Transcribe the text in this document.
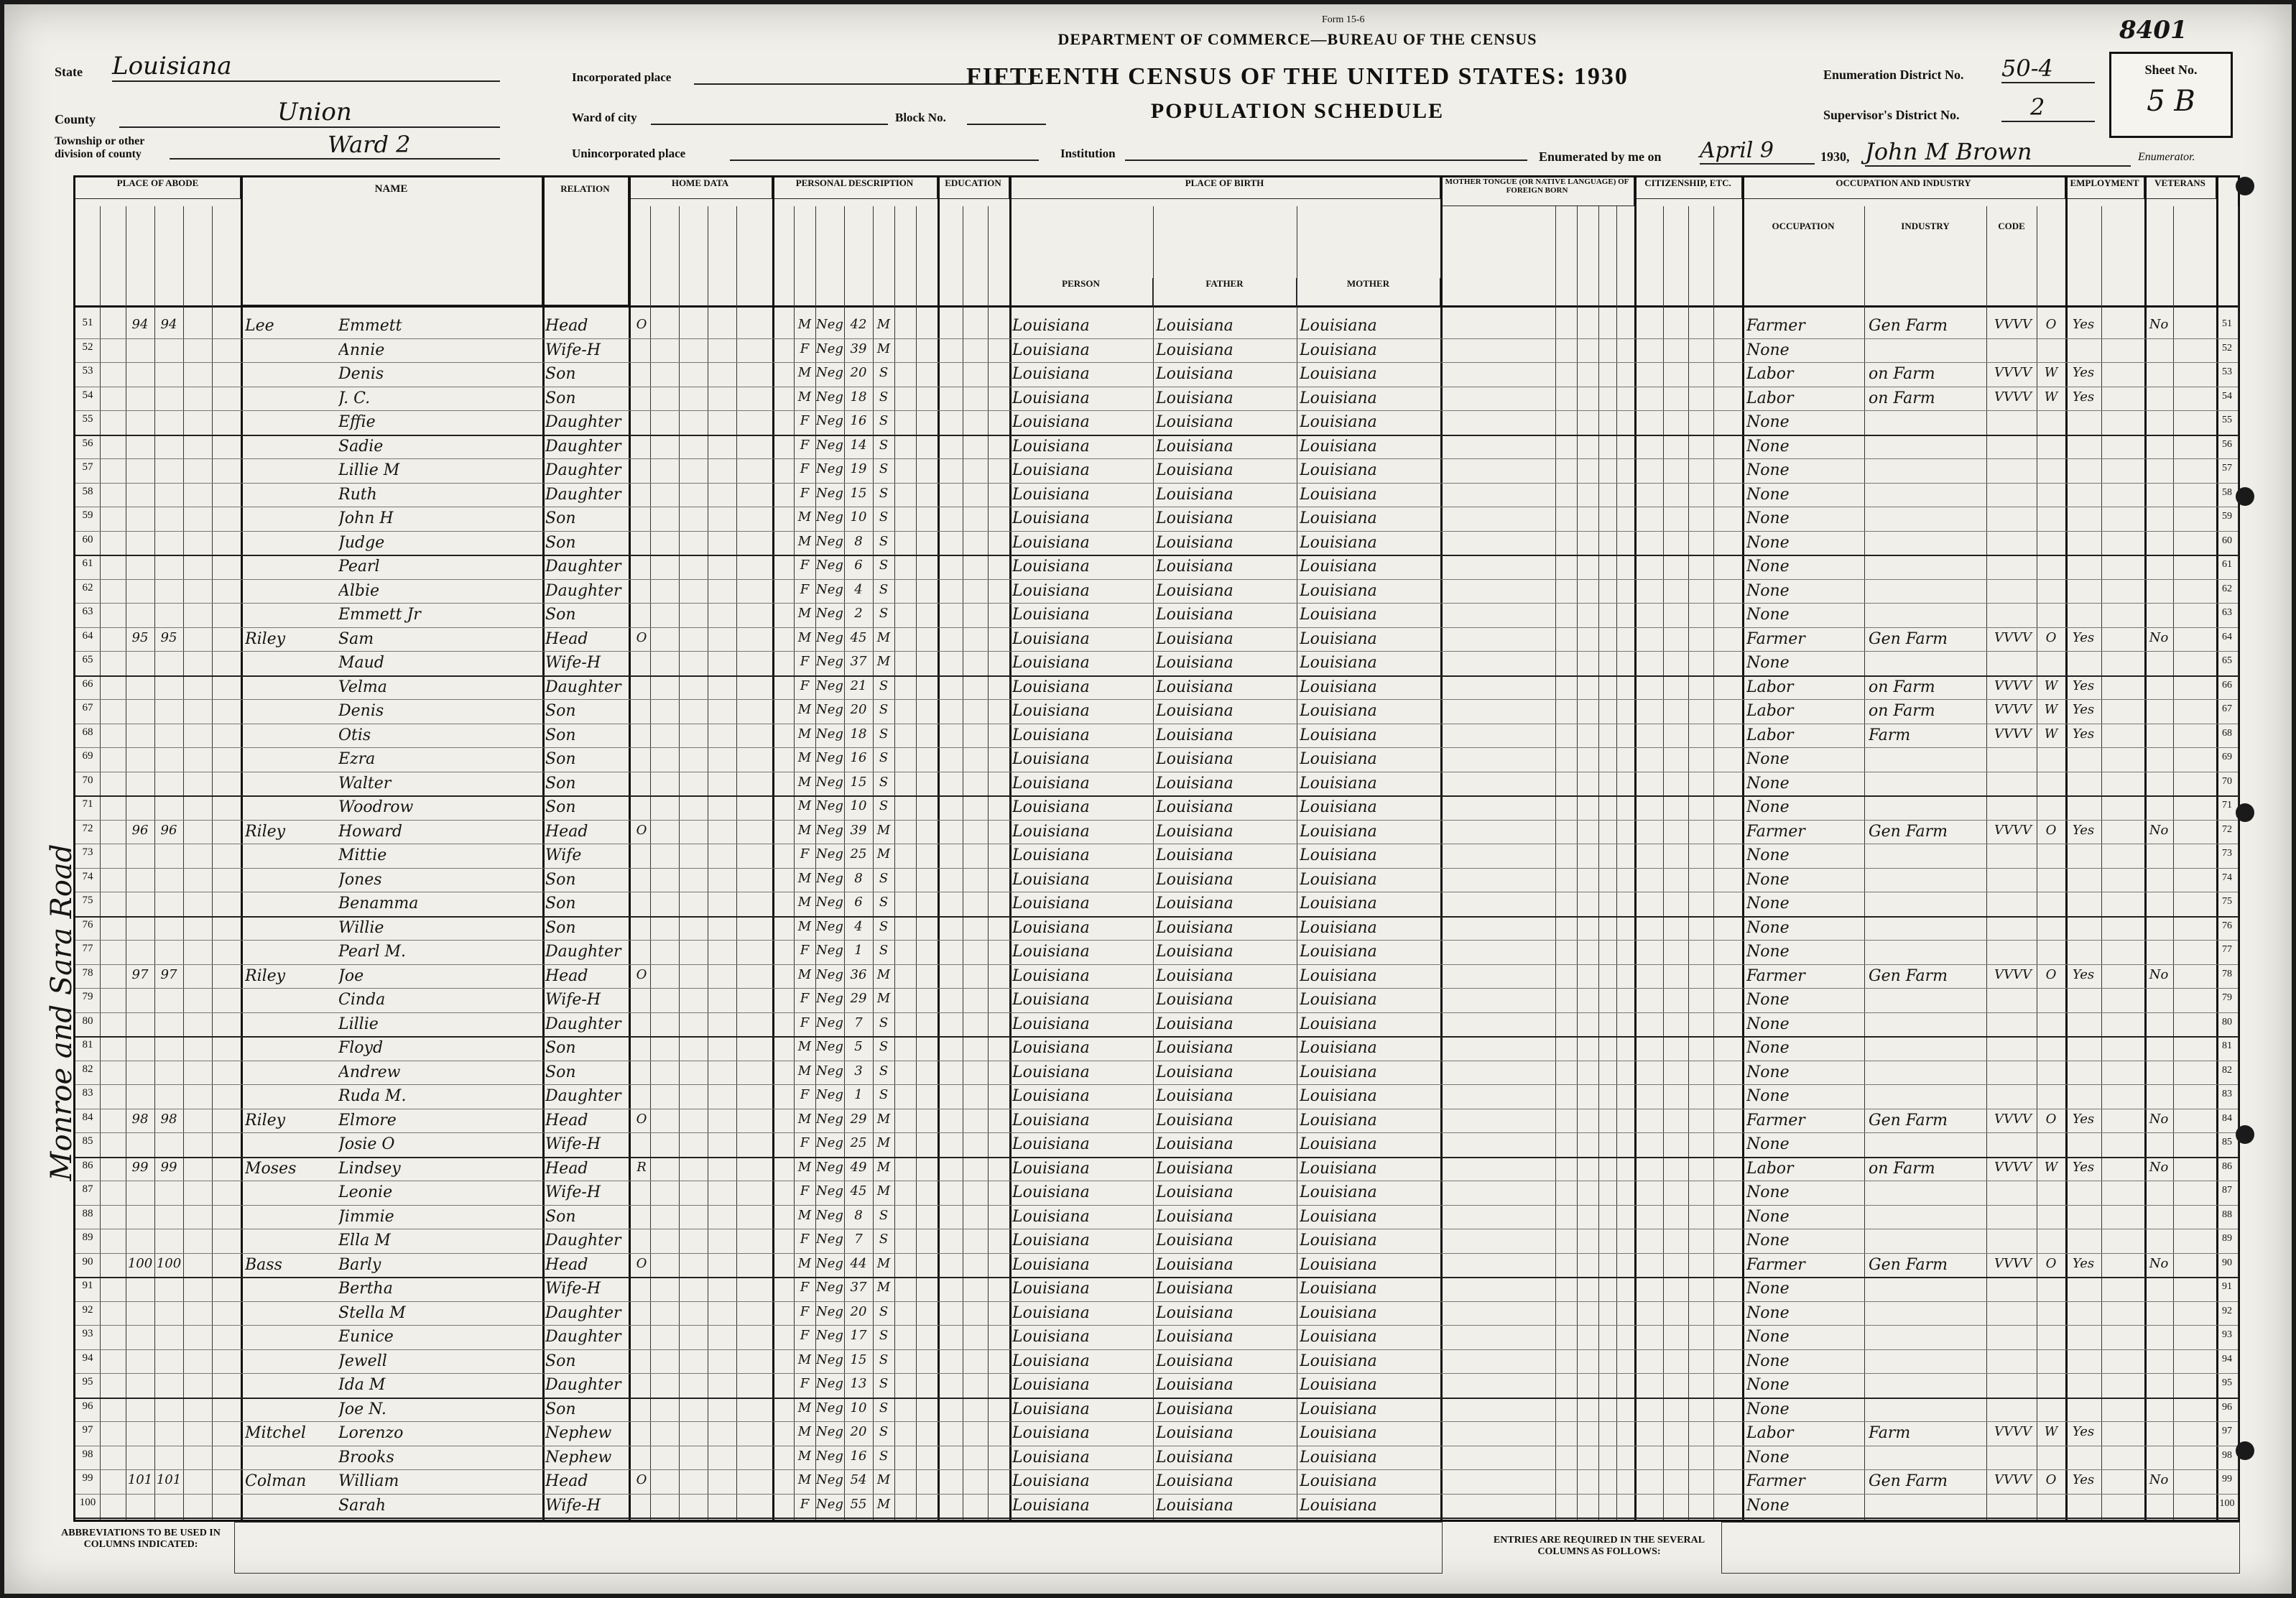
Form 15-6	8401
DEPARTMENT OF COMMERCE—BUREAU OF THE CENSUS
FIFTEENTH CENSUS OF THE UNITED STATES: 1930
POPULATION SCHEDULE
State Louisiana
County	Union
Township or other division of county	Ward 2
Incorporated place
Ward of city	Block No.
Unincorporated place	Institution
Enumeration District No. 50-4
Supervisor's District No.	2
Sheet No.
5 B
Enumerated by me on April 9	1930, John M Brown	Enumerator.
Monroe and Sara Road
PLACE OF ABODE
NAME	RELATION
HOME DATA	PERSONAL DESCRIPTION	EDUCATION	PLACE OF BIRTH	MOTHER TONGUE (OR NATIVE LANGUAGE) OF FOREIGN BORN
CITIZENSHIP, ETC.	OCCUPATION AND INDUSTRY	EMPLOYMENT	VETERANS
PERSON	FATHER	MOTHER
OCCUPATION	INDUSTRY	CODE
51	94 94	Lee	Emmett	Head	O	M Neg 42 M	Louisiana	Louisiana	Louisiana	Farmer	Gen Farm	VVVV	O	Yes	No	51
52	Annie	Wife-H	F Neg 39 M	Louisiana	Louisiana	Louisiana	None	52
53	Denis	Son	M Neg 20 S	Louisiana	Louisiana	Louisiana	Labor	on Farm	VVVV W	Yes	53
54	J. C.	Son	M Neg 18 S	Louisiana	Louisiana	Louisiana	Labor	on Farm	VVVV W	Yes	54
55	Effie	Daughter	F Neg 16 S	Louisiana	Louisiana	Louisiana	None	55
56	Sadie	Daughter	F Neg 14 S	Louisiana	Louisiana	Louisiana	None	56
57	Lillie M	Daughter	F Neg 19 S	Louisiana	Louisiana	Louisiana	None	57
58	Ruth	Daughter	F Neg 15 S	Louisiana	Louisiana	Louisiana	None	58
59	John H	Son	M Neg 10 S	Louisiana	Louisiana	Louisiana	None	59
60	Judge	Son	M Neg 8	S	Louisiana	Louisiana	Louisiana	None	60
61	Pearl	Daughter	F Neg 6	S	Louisiana	Louisiana	Louisiana	None	61
62	Albie	Daughter	F Neg 4	S	Louisiana	Louisiana	Louisiana	None	62
63	Emmett Jr	Son	M Neg 2	S	Louisiana	Louisiana	Louisiana	None	63
64	95 95	Riley	Sam	Head	O	M Neg 45 M	Louisiana	Louisiana	Louisiana	Farmer	Gen Farm	VVVV	O	Yes	No	64
65	Maud	Wife-H	F Neg 37 M	Louisiana	Louisiana	Louisiana	None	65
66	Velma	Daughter	F Neg 21 S	Louisiana	Louisiana	Louisiana	Labor	on Farm	VVVV W	Yes	66
67	Denis	Son	M Neg 20 S	Louisiana	Louisiana	Louisiana	Labor	on Farm	VVVV W	Yes	67
68	Otis	Son	M Neg 18 S	Louisiana	Louisiana	Louisiana	Labor	Farm	VVVV W	Yes	68
69	Ezra	Son	M Neg 16 S	Louisiana	Louisiana	Louisiana	None	69
70	Walter	Son	M Neg 15 S	Louisiana	Louisiana	Louisiana	None	70
71	Woodrow	Son	M Neg 10 S	Louisiana	Louisiana	Louisiana	None	71
72	96 96	Riley	Howard	Head	O	M Neg 39 M	Louisiana	Louisiana	Louisiana	Farmer	Gen Farm	VVVV	O	Yes	No	72
73	Mittie	Wife	F Neg 25 M	Louisiana	Louisiana	Louisiana	None	73
74	Jones	Son	M Neg 8	S	Louisiana	Louisiana	Louisiana	None	74
75	Benamma	Son	M Neg 6	S	Louisiana	Louisiana	Louisiana	None	75
76	Willie	Son	M Neg 4	S	Louisiana	Louisiana	Louisiana	None	76
77	Pearl M.	Daughter	F Neg 1	S	Louisiana	Louisiana	Louisiana	None	77
78	97 97	Riley	Joe	Head	O	M Neg 36 M	Louisiana	Louisiana	Louisiana	Farmer	Gen Farm	VVVV	O	Yes	No	78
79	Cinda	Wife-H	F Neg 29 M	Louisiana	Louisiana	Louisiana	None	79
80	Lillie	Daughter	F Neg 7	S	Louisiana	Louisiana	Louisiana	None	80
81	Floyd	Son	M Neg 5	S	Louisiana	Louisiana	Louisiana	None	81
82	Andrew	Son	M Neg 3	S	Louisiana	Louisiana	Louisiana	None	82
83	Ruda M.	Daughter	F Neg 1	S	Louisiana	Louisiana	Louisiana	None	83
84	98 98	Riley	Elmore	Head	O	M Neg 29 M	Louisiana	Louisiana	Louisiana	Farmer	Gen Farm	VVVV	O	Yes	No	84
85	Josie O	Wife-H	F Neg 25 M	Louisiana	Louisiana	Louisiana	None	85
86	99 99	Moses	Lindsey	Head	R	M Neg 49 M	Louisiana	Louisiana	Louisiana	Labor	on Farm	VVVV W	Yes	No	86
87	Leonie	Wife-H	F Neg 45 M	Louisiana	Louisiana	Louisiana	None	87
88	Jimmie	Son	M Neg 8	S	Louisiana	Louisiana	Louisiana	None	88
89	Ella M	Daughter	F Neg 7	S	Louisiana	Louisiana	Louisiana	None	89
90	100 100	Bass	Barly	Head	O	M Neg 44 M	Louisiana	Louisiana	Louisiana	Farmer	Gen Farm	VVVV	O	Yes	No	90
91	Bertha	Wife-H	F Neg 37 M	Louisiana	Louisiana	Louisiana	None	91
92	Stella M	Daughter	F Neg 20 S	Louisiana	Louisiana	Louisiana	None	92
93	Eunice	Daughter	F Neg 17 S	Louisiana	Louisiana	Louisiana	None	93
94	Jewell	Son	M Neg 15 S	Louisiana	Louisiana	Louisiana	None	94
95	Ida M	Daughter	F Neg 13 S	Louisiana	Louisiana	Louisiana	None	95
96	Joe N.	Son	M Neg 10 S	Louisiana	Louisiana	Louisiana	None	96
97	Mitchel	Lorenzo	Nephew	M Neg 20 S	Louisiana	Louisiana	Louisiana	Labor	Farm	VVVV W	Yes	97
98	Brooks	Nephew	M Neg 16 S	Louisiana	Louisiana	Louisiana	None	98
99	101 101	Colman	William	Head	O	M Neg 54 M	Louisiana	Louisiana	Louisiana	Farmer	Gen Farm	VVVV	O	Yes	No	99
100	Sarah	Wife-H	F Neg 55 M	Louisiana	Louisiana	Louisiana	None	100
ABBREVIATIONS TO BE USED IN COLUMNS INDICATED:	ENTRIES ARE REQUIRED IN THE SEVERAL COLUMNS AS FOLLOWS:
